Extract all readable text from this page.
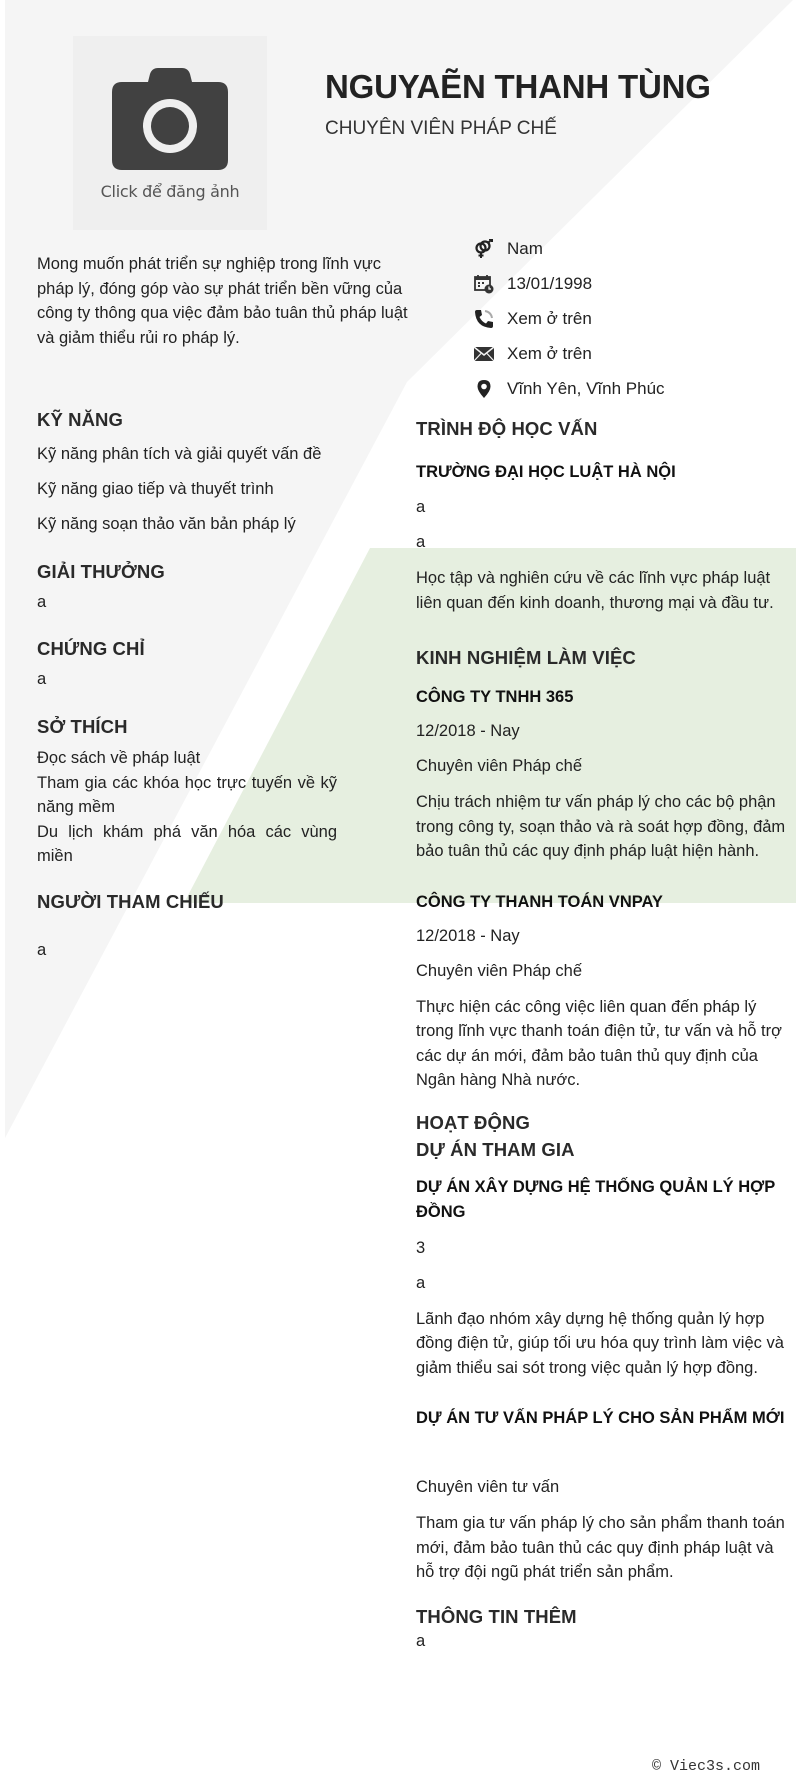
Click để đăng ảnh
NGUYAẼN THANH TÙNG
CHUYÊN VIÊN PHÁP CHẾ
Mong muốn phát triển sự nghiệp trong lĩnh vực pháp lý, đóng góp vào sự phát triển bền vững của công ty thông qua việc đảm bảo tuân thủ pháp luật và giảm thiểu rủi ro pháp lý.
Nam
13/01/1998
Xem ở trên
Xem ở trên
Vĩnh Yên, Vĩnh Phúc
KỸ NĂNG
Kỹ năng phân tích và giải quyết vấn đề
Kỹ năng giao tiếp và thuyết trình
Kỹ năng soạn thảo văn bản pháp lý
GIẢI THƯỞNG
a
CHỨNG CHỈ
a
SỞ THÍCH
Đọc sách về pháp luật
Tham gia các khóa học trực tuyến về kỹ năng mềm
Du lịch khám phá văn hóa các vùng miền
NGƯỜI THAM CHIẾU
a
TRÌNH ĐỘ HỌC VẤN
TRƯỜNG ĐẠI HỌC LUẬT HÀ NỘI
a
a
Học tập và nghiên cứu về các lĩnh vực pháp luật liên quan đến kinh doanh, thương mại và đầu tư.
KINH NGHIỆM LÀM VIỆC
CÔNG TY TNHH 365
12/2018 - Nay
Chuyên viên Pháp chế
Chịu trách nhiệm tư vấn pháp lý cho các bộ phận trong công ty, soạn thảo và rà soát hợp đồng, đảm bảo tuân thủ các quy định pháp luật hiện hành.
CÔNG TY THANH TOÁN VNPAY
12/2018 - Nay
Chuyên viên Pháp chế
Thực hiện các công việc liên quan đến pháp lý trong lĩnh vực thanh toán điện tử, tư vấn và hỗ trợ các dự án mới, đảm bảo tuân thủ quy định của Ngân hàng Nhà nước.
HOẠT ĐỘNG
DỰ ÁN THAM GIA
DỰ ÁN XÂY DỰNG HỆ THỐNG QUẢN LÝ HỢP ĐỒNG
3
a
Lãnh đạo nhóm xây dựng hệ thống quản lý hợp đồng điện tử, giúp tối ưu hóa quy trình làm việc và giảm thiểu sai sót trong việc quản lý hợp đồng.
DỰ ÁN TƯ VẤN PHÁP LÝ CHO SẢN PHẨM MỚI
Chuyên viên tư vấn
Tham gia tư vấn pháp lý cho sản phẩm thanh toán mới, đảm bảo tuân thủ các quy định pháp luật và hỗ trợ đội ngũ phát triển sản phẩm.
THÔNG TIN THÊM
a
© Viec3s.com
